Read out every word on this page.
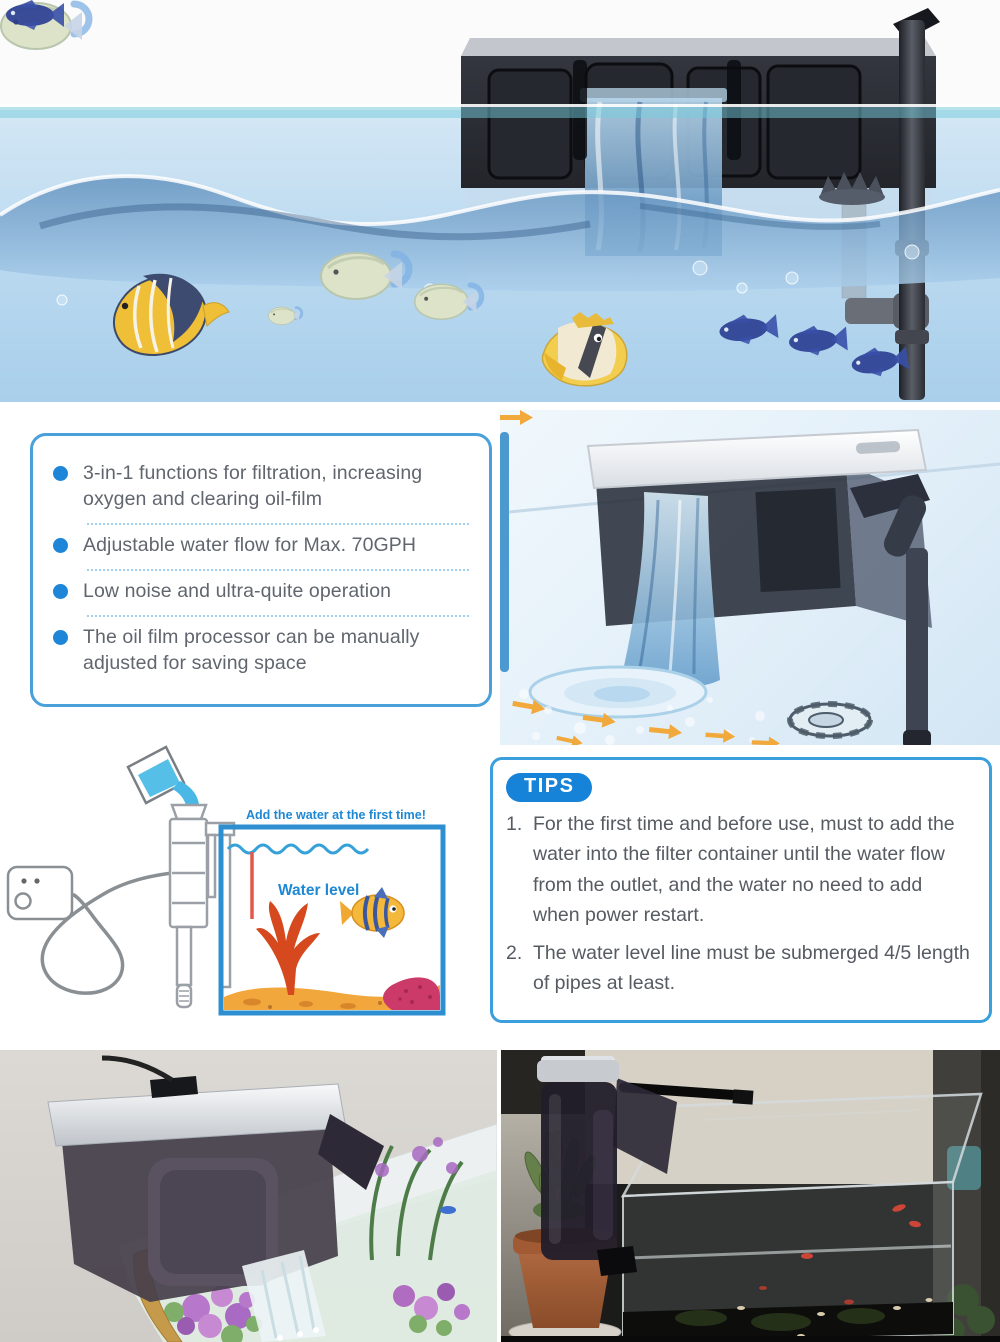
3-in-1 functions for filtration, increasing oxygen and clearing oil-film
Adjustable water flow for Max. 70GPH
Low noise and ultra-quite operation
The oil film processor can be manually adjusted for saving space
Add the water at the first time!
Water level
TIPS
1. For the first time and before use, must to add the water into the filter container until the water flow from the outlet, and the water no need to add when power restart.
2. The water level line must be submerged 4/5 length of pipes at least.
